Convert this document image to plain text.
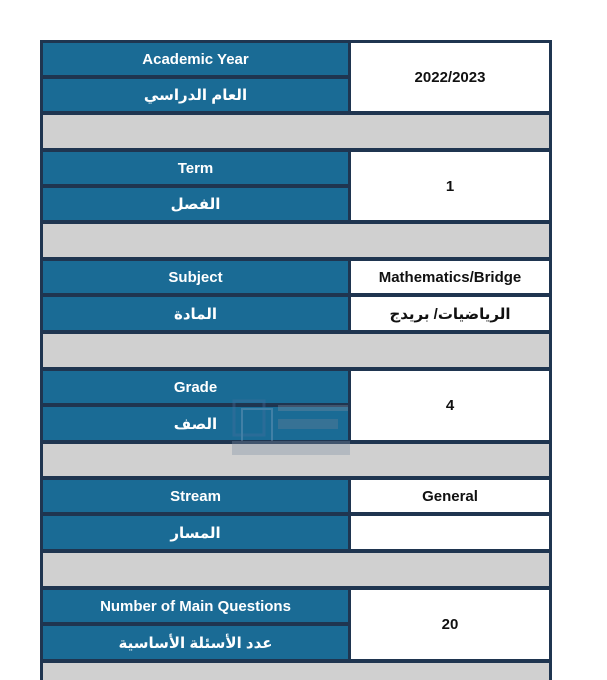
Academic Year
العام الدراسي
2022/2023
Term
الفصل
1
Subject
المادة
Mathematics/Bridge
الرياضيات/ بريدج
Grade
الصف
4
Stream
المسار
General
Number of Main Questions
عدد الأسئلة الأساسية
20
